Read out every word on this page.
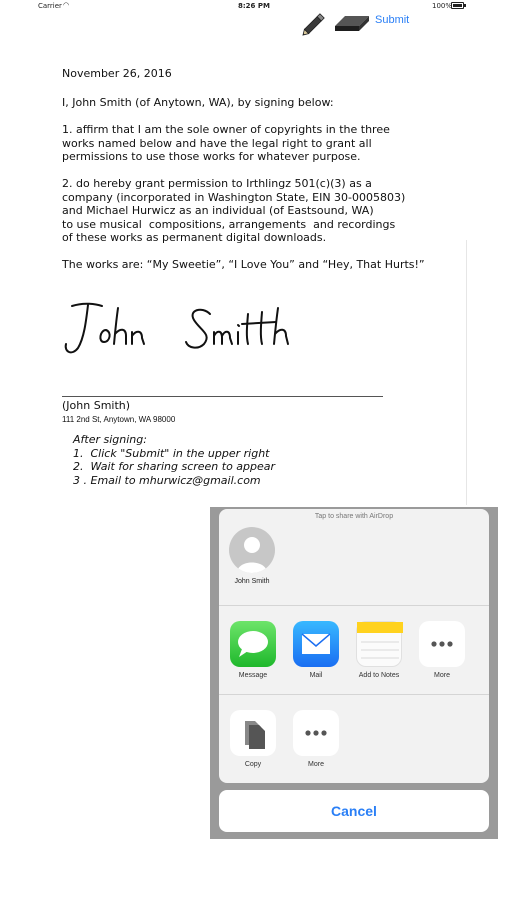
Carrier ◠	8:26 PM	100%
Submit
November 26, 2016
I, John Smith (of Anytown, WA), by signing below:
1. affirm that I am the sole owner of copyrights in the three
works named below and have the legal right to grant all
permissions to use those works for whatever purpose.
2. do hereby grant permission to Irthlingz 501(c)(3) as a
company (incorporated in Washington State, EIN 30-0005803)
and Michael Hurwicz as an individual (of Eastsound, WA)
to use musical  compositions, arrangements  and recordings
of these works as permanent digital downloads.
The works are: “My Sweetie”, “I Love You” and “Hey, That Hurts!”
(John Smith)
111 2nd St, Anytown, WA 98000
After signing:
1.  Click "Submit" in the upper right
2.  Wait for sharing screen to appear
3 . Email to mhurwicz@gmail.com
Tap to share with AirDrop
John Smith
Message	Mail	Add to Notes	More
Copy	More
Cancel
